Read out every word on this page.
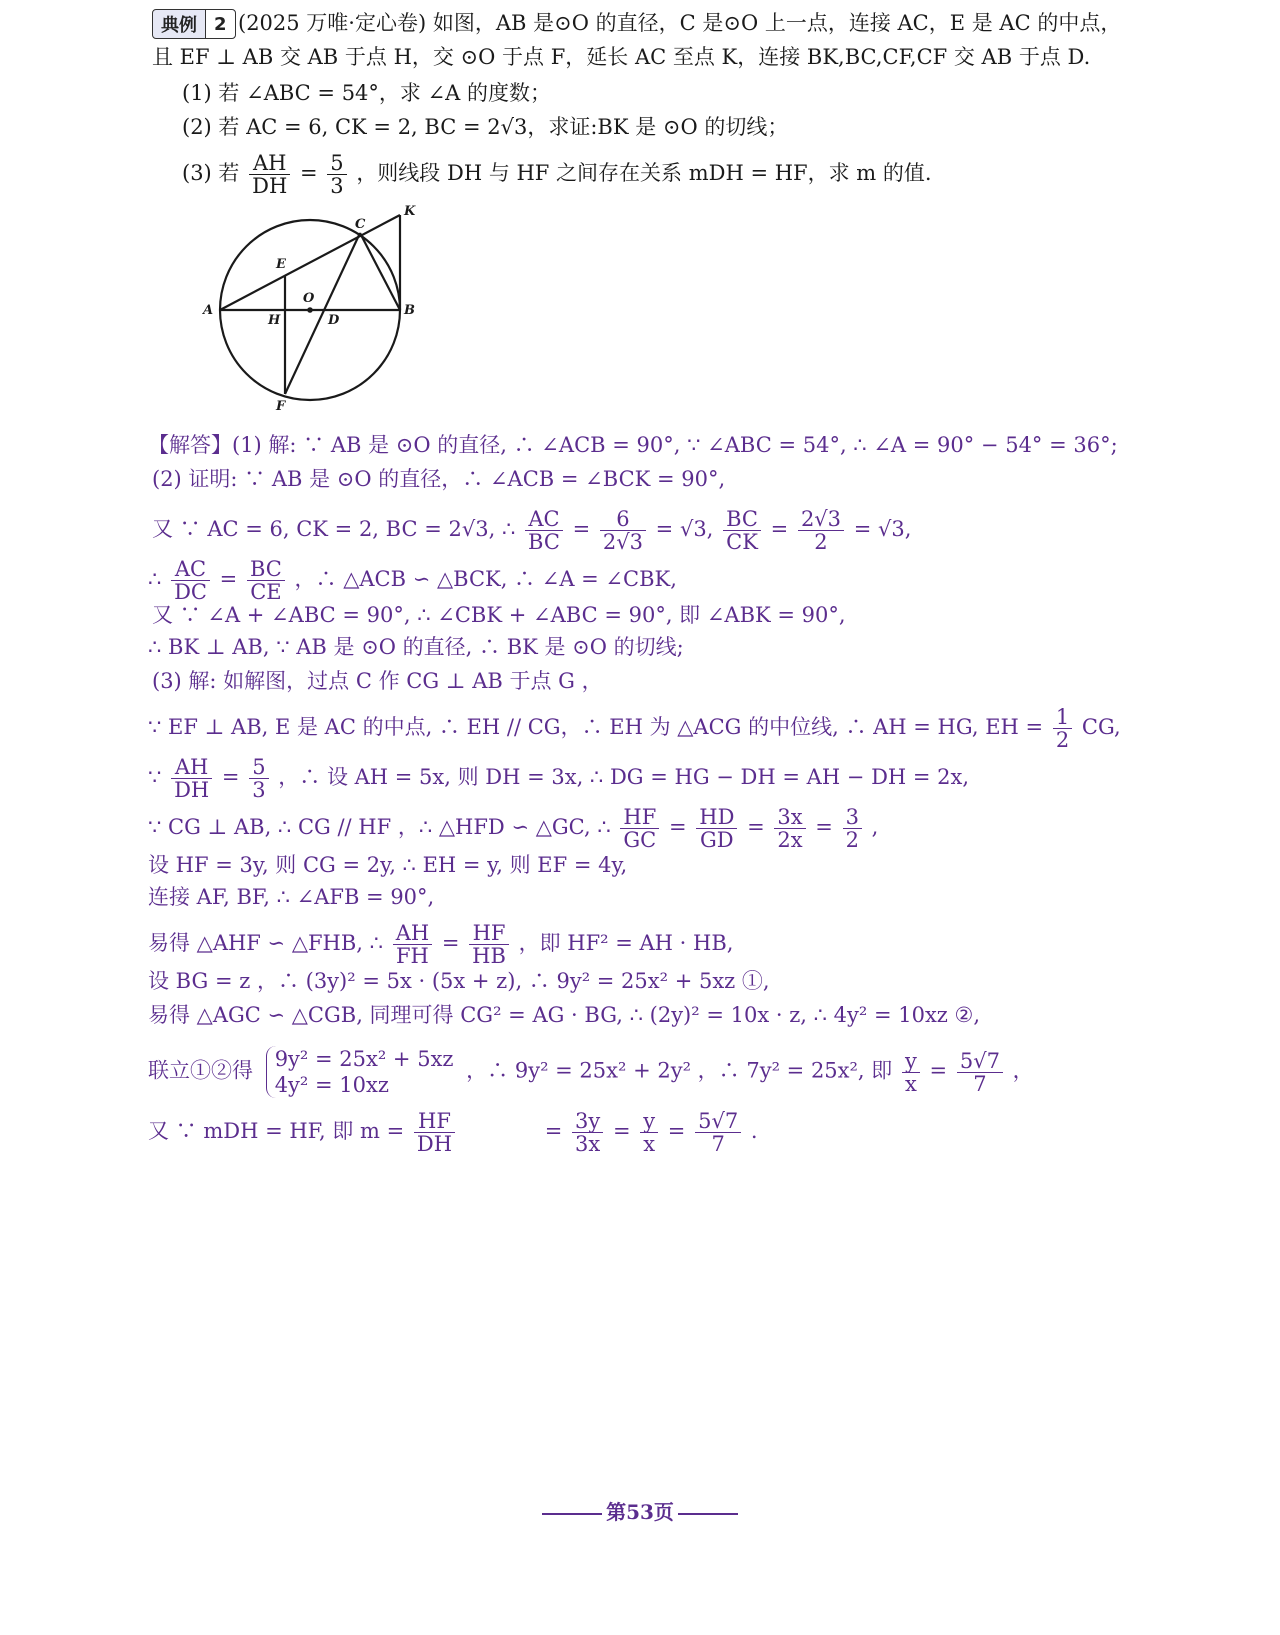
典例 2 (2025 万唯·定心卷) 如图，AB 是⊙O 的直径，C 是⊙O 上一点，连接 AC，E 是 AC 的中点，
且 EF ⊥ AB 交 AB 于点 H，交 ⊙O 于点 F，延长 AC 至点 K，连接 BK,BC,CF,CF 交 AB 于点 D.
(1) 若 ∠ABC = 54°，求 ∠A 的度数；
(2) 若 AC = 6, CK = 2, BC = 2√3，求证:BK 是 ⊙O 的切线；
(3) 若 $\frac{AH}{DH} = \frac{5}{3}$ ，则线段 DH 与 HF 之间存在关系 mDH = HF，求 m 的值.
A	B
C
K
E
O
H	D
F
【解答】(1) 解: ∵ AB 是 ⊙O 的直径, ∴ ∠ACB = 90°, ∵ ∠ABC = 54°, ∴ ∠A = 90° − 54° = 36°;
(2) 证明: ∵ AB 是 ⊙O 的直径，∴ ∠ACB = ∠BCK = 90°,
又 ∵ AC = 6, CK = 2, BC = 2√3, ∴ $\frac{AC}{BC} = \frac{6}{2√3} = √3$, $\frac{BC}{CK} = \frac{2√3}{2} = √3$,
∴ $\frac{AC}{DC} = \frac{BC}{CE}$ ，∴ △ACB ∽ △BCK, ∴ ∠A = ∠CBK,
又 ∵ ∠A + ∠ABC = 90°, ∴ ∠CBK + ∠ABC = 90°, 即 ∠ABK = 90°,
∴ BK ⊥ AB, ∵ AB 是 ⊙O 的直径, ∴ BK 是 ⊙O 的切线;
(3) 解: 如解图，过点 C 作 CG ⊥ AB 于点 G ，
∵ EF ⊥ AB, E 是 AC 的中点, ∴ EH // CG，∴ EH 为 △ACG 的中位线, ∴ AH = HG, EH = $\frac{1}{2}$ CG,
∵ $\frac{AH}{DH} = \frac{5}{3}$ ，∴ 设 AH = 5x, 则 DH = 3x, ∴ DG = HG − DH = AH − DH = 2x,
∵ CG ⊥ AB, ∴ CG // HF ，∴ △HFD ∽ △GC, ∴ $\frac{HF}{GC} = \frac{HD}{GD} = \frac{3x}{2x} = \frac{3}{2}$ ,
设 HF = 3y, 则 CG = 2y, ∴ EH = y, 则 EF = 4y,
连接 AF, BF, ∴ ∠AFB = 90°,
易得 △AHF ∽ △FHB, ∴ $\frac{AH}{FH} = \frac{HF}{HB}$ ，即 HF² = AH · HB,
设 BG = z ，∴ (3y)² = 5x · (5x + z), ∴ 9y² = 25x² + 5xz ①,
易得 △AGC ∽ △CGB, 同理可得 CG² = AG · BG, ∴ (2y)² = 10x · z, ∴ 4y² = 10xz ②,
联立①②得 9y² = 25x² + 5xz
4y² = 10xz
，∴ 9y² = 25x² + 2y² ，∴ 7y² = 25x², 即 $\frac{y}{x} = \frac{5√7}{7}$ ，
又 ∵ mDH = HF, 即 $m = \frac{HF}{DH}$	= $\frac{3y}{3x} = \frac{y}{x} = \frac{5√7}{7}$ .
第53页
